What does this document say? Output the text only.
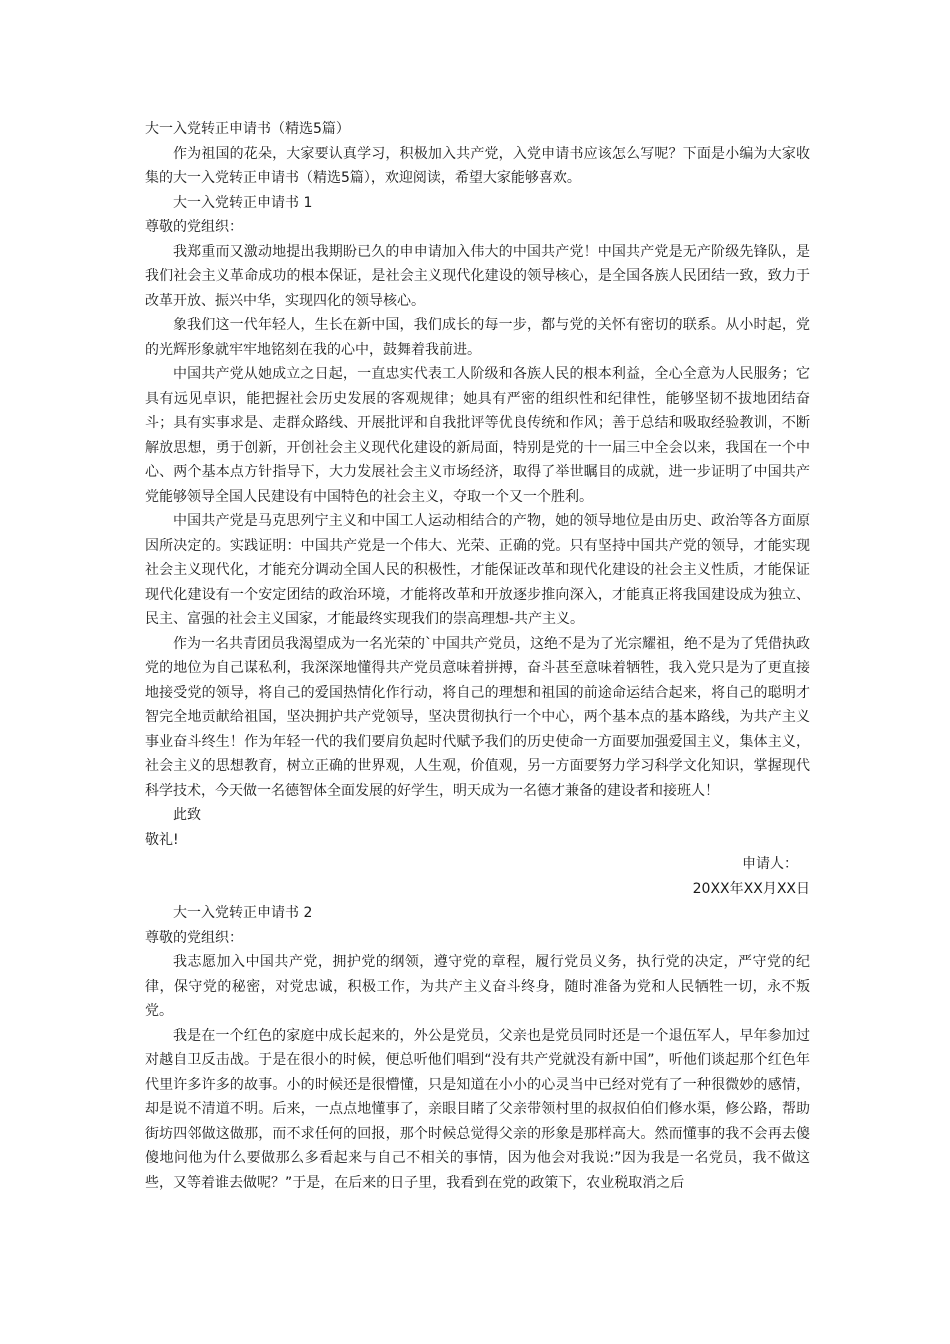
大一入党转正申请书（精选5篇）

作为祖国的花朵，大家要认真学习，积极加入共产党，入党申请书应该怎么写呢？下面是小编为大家收集的大一入党转正申请书（精选5篇），欢迎阅读，希望大家能够喜欢。

大一入党转正申请书 1
尊敬的党组织：

我郑重而又激动地提出我期盼已久的申申请加入伟大的中国共产党！中国共产党是无产阶级先锋队，是我们社会主义革命成功的根本保证，是社会主义现代化建设的领导核心，是全国各族人民团结一致，致力于改革开放、振兴中华，实现四化的领导核心。

象我们这一代年轻人，生长在新中国，我们成长的每一步，都与党的关怀有密切的联系。从小时起，党的光辉形象就牢牢地铭刻在我的心中，鼓舞着我前进。

中国共产党从她成立之日起，一直忠实代表工人阶级和各族人民的根本利益，全心全意为人民服务；它具有远见卓识，能把握社会历史发展的客观规律；她具有严密的组织性和纪律性，能够坚韧不拔地团结奋斗；具有实事求是、走群众路线、开展批评和自我批评等优良传统和作风；善于总结和吸取经验教训，不断解放思想，勇于创新，开创社会主义现代化建设的新局面，特别是党的十一届三中全会以来，我国在一个中心、两个基本点方针指导下，大力发展社会主义市场经济，取得了举世瞩目的成就，进一步证明了中国共产党能够领导全国人民建设有中国特色的社会主义，夺取一个又一个胜利。

中国共产党是马克思列宁主义和中国工人运动相结合的产物，她的领导地位是由历史、政治等各方面原因所决定的。实践证明：中国共产党是一个伟大、光荣、正确的党。只有坚持中国共产党的领导，才能实现社会主义现代化，才能充分调动全国人民的积极性，才能保证改革和现代化建设的社会主义性质，才能保证现代化建设有一个安定团结的政治环境，才能将改革和开放逐步推向深入，才能真正将我国建设成为独立、民主、富强的社会主义国家，才能最终实现我们的崇高理想-共产主义。

作为一名共青团员我渴望成为一名光荣的`中国共产党员，这绝不是为了光宗耀祖，绝不是为了凭借执政党的地位为自己谋私利，我深深地懂得共产党员意味着拼搏，奋斗甚至意味着牺牲，我入党只是为了更直接地接受党的领导，将自己的爱国热情化作行动，将自己的理想和祖国的前途命运结合起来，将自己的聪明才智完全地贡献给祖国，坚决拥护共产党领导，坚决贯彻执行一个中心，两个基本点的基本路线，为共产主义事业奋斗终生！作为年轻一代的我们要肩负起时代赋予我们的历史使命一方面要加强爱国主义，集体主义，社会主义的思想教育，树立正确的世界观，人生观，价值观，另一方面要努力学习科学文化知识，掌握现代科学技术，今天做一名德智体全面发展的好学生，明天成为一名德才兼备的建设者和接班人！

此致
敬礼!
申请人：
20XX年XX月XX日
大一入党转正申请书 2
尊敬的党组织：

我志愿加入中国共产党，拥护党的纲领，遵守党的章程，履行党员义务，执行党的决定，严守党的纪律，保守党的秘密，对党忠诚，积极工作，为共产主义奋斗终身，随时准备为党和人民牺牲一切，永不叛党。

我是在一个红色的家庭中成长起来的，外公是党员，父亲也是党员同时还是一个退伍军人，早年参加过对越自卫反击战。于是在很小的时候，便总听他们唱到“没有共产党就没有新中国”，听他们谈起那个红色年代里许多许多的故事。小的时候还是很懵懂，只是知道在小小的心灵当中已经对党有了一种很微妙的感情，却是说不清道不明。后来，一点点地懂事了，亲眼目睹了父亲带领村里的叔叔伯伯们修水渠，修公路，帮助街坊四邻做这做那，而不求任何的回报，那个时候总觉得父亲的形象是那样高大。然而懂事的我不会再去傻傻地问他为什么要做那么多看起来与自己不相关的事情，因为他会对我说:”因为我是一名党员，我不做这些，又等着谁去做呢？”于是，在后来的日子里，我看到在党的政策下，农业税取消之后
